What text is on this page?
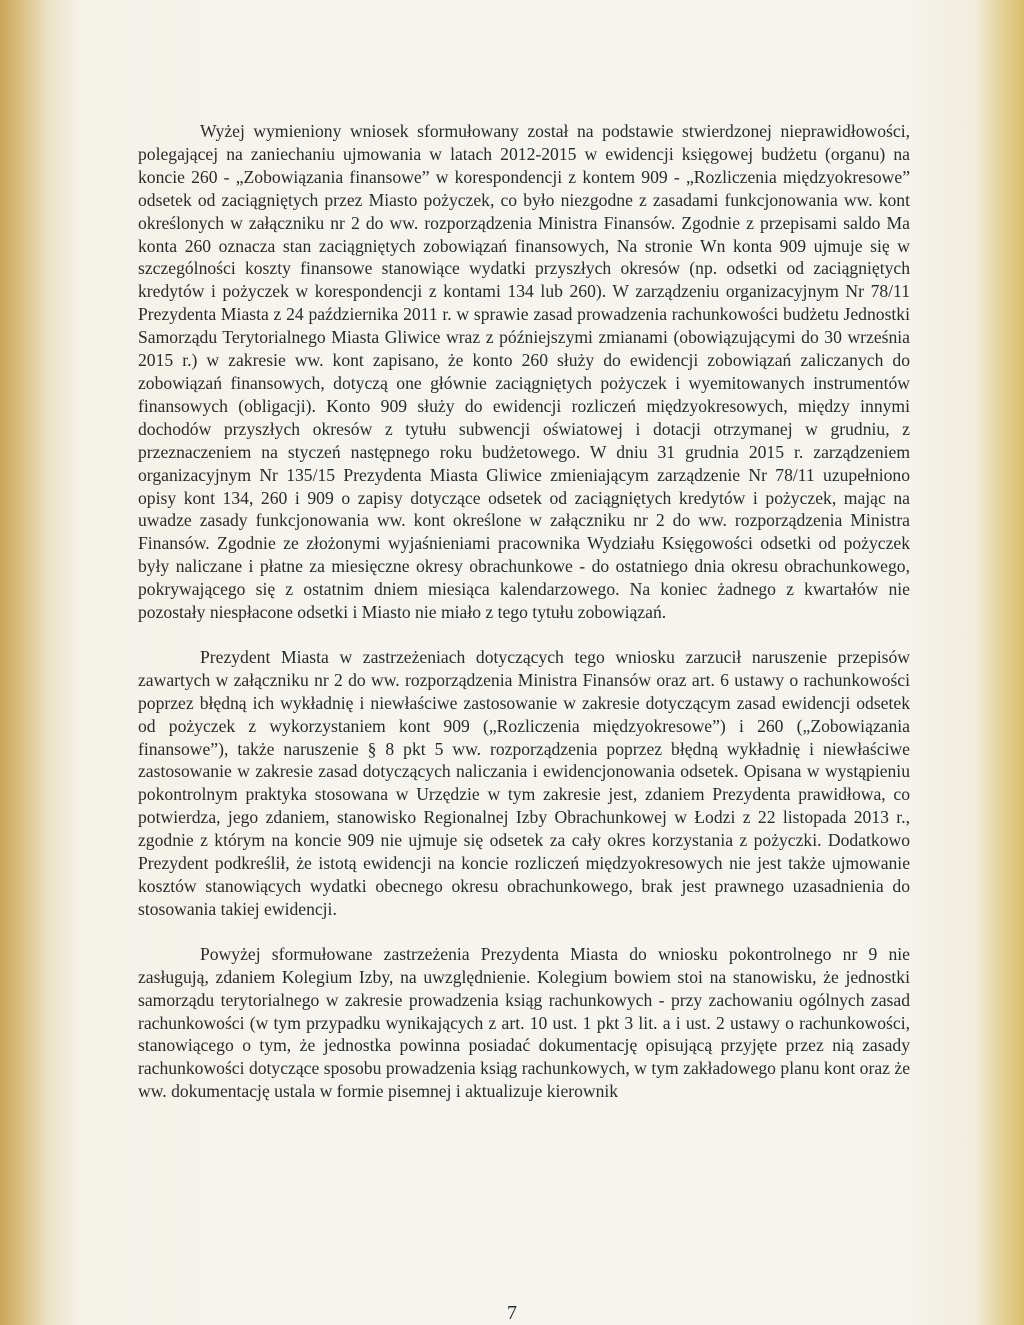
Wyżej wymieniony wniosek sformułowany został na podstawie stwierdzonej nieprawidłowości, polegającej na zaniechaniu ujmowania w latach 2012-2015 w ewidencji księgowej budżetu (organu) na koncie 260 - „Zobowiązania finansowe” w korespondencji z kontem 909 - „Rozliczenia międzyokresowe” odsetek od zaciągniętych przez Miasto pożyczek, co było niezgodne z zasadami funkcjonowania ww. kont określonych w załączniku nr 2 do ww. rozporządzenia Ministra Finansów. Zgodnie z przepisami saldo Ma konta 260 oznacza stan zaciągniętych zobowiązań finansowych, Na stronie Wn konta 909 ujmuje się w szczególności koszty finansowe stanowiące wydatki przyszłych okresów (np. odsetki od zaciągniętych kredytów i pożyczek w korespondencji z kontami 134 lub 260). W zarządzeniu organizacyjnym Nr 78/11 Prezydenta Miasta z 24 października 2011 r. w sprawie zasad prowadzenia rachunkowości budżetu Jednostki Samorządu Terytorialnego Miasta Gliwice wraz z późniejszymi zmianami (obowiązującymi do 30 września 2015 r.) w zakresie ww. kont zapisano, że konto 260 służy do ewidencji zobowiązań zaliczanych do zobowiązań finansowych, dotyczą one głównie zaciągniętych pożyczek i wyemitowanych instrumentów finansowych (obligacji). Konto 909 służy do ewidencji rozliczeń międzyokresowych, między innymi dochodów przyszłych okresów z tytułu subwencji oświatowej i dotacji otrzymanej w grudniu, z przeznaczeniem na styczeń następnego roku budżetowego. W dniu 31 grudnia 2015 r. zarządzeniem organizacyjnym Nr 135/15 Prezydenta Miasta Gliwice zmieniającym zarządzenie Nr 78/11 uzupełniono opisy kont 134, 260 i 909 o zapisy dotyczące odsetek od zaciągniętych kredytów i pożyczek, mając na uwadze zasady funkcjonowania ww. kont określone w załączniku nr 2 do ww. rozporządzenia Ministra Finansów. Zgodnie ze złożonymi wyjaśnieniami pracownika Wydziału Księgowości odsetki od pożyczek były naliczane i płatne za miesięczne okresy obrachunkowe - do ostatniego dnia okresu obrachunkowego, pokrywającego się z ostatnim dniem miesiąca kalendarzowego. Na koniec żadnego z kwartałów nie pozostały niespłacone odsetki i Miasto nie miało z tego tytułu zobowiązań.

Prezydent Miasta w zastrzeżeniach dotyczących tego wniosku zarzucił naruszenie przepisów zawartych w załączniku nr 2 do ww. rozporządzenia Ministra Finansów oraz art. 6 ustawy o rachunkowości poprzez błędną ich wykładnię i niewłaściwe zastosowanie w zakresie dotyczącym zasad ewidencji odsetek od pożyczek z wykorzystaniem kont 909 („Rozliczenia międzyokresowe”) i 260 („Zobowiązania finansowe”), także naruszenie § 8 pkt 5 ww. rozporządzenia poprzez błędną wykładnię i niewłaściwe zastosowanie w zakresie zasad dotyczących naliczania i ewidencjonowania odsetek. Opisana w wystąpieniu pokontrolnym praktyka stosowana w Urzędzie w tym zakresie jest, zdaniem Prezydenta prawidłowa, co potwierdza, jego zdaniem, stanowisko Regionalnej Izby Obrachunkowej w Łodzi z 22 listopada 2013 r., zgodnie z którym na koncie 909 nie ujmuje się odsetek za cały okres korzystania z pożyczki. Dodatkowo Prezydent podkreślił, że istotą ewidencji na koncie rozliczeń międzyokresowych nie jest także ujmowanie kosztów stanowiących wydatki obecnego okresu obrachunkowego, brak jest prawnego uzasadnienia do stosowania takiej ewidencji.

Powyżej sformułowane zastrzeżenia Prezydenta Miasta do wniosku pokontrolnego nr 9 nie zasługują, zdaniem Kolegium Izby, na uwzględnienie. Kolegium bowiem stoi na stanowisku, że jednostki samorządu terytorialnego w zakresie prowadzenia ksiąg rachunkowych - przy zachowaniu ogólnych zasad rachunkowości (w tym przypadku wynikających z art. 10 ust. 1 pkt 3 lit. a i ust. 2 ustawy o rachunkowości, stanowiącego o tym, że jednostka powinna posiadać dokumentację opisującą przyjęte przez nią zasady rachunkowości dotyczące sposobu prowadzenia ksiąg rachunkowych, w tym zakładowego planu kont oraz że ww. dokumentację ustala w formie pisemnej i aktualizuje kierownik

7
